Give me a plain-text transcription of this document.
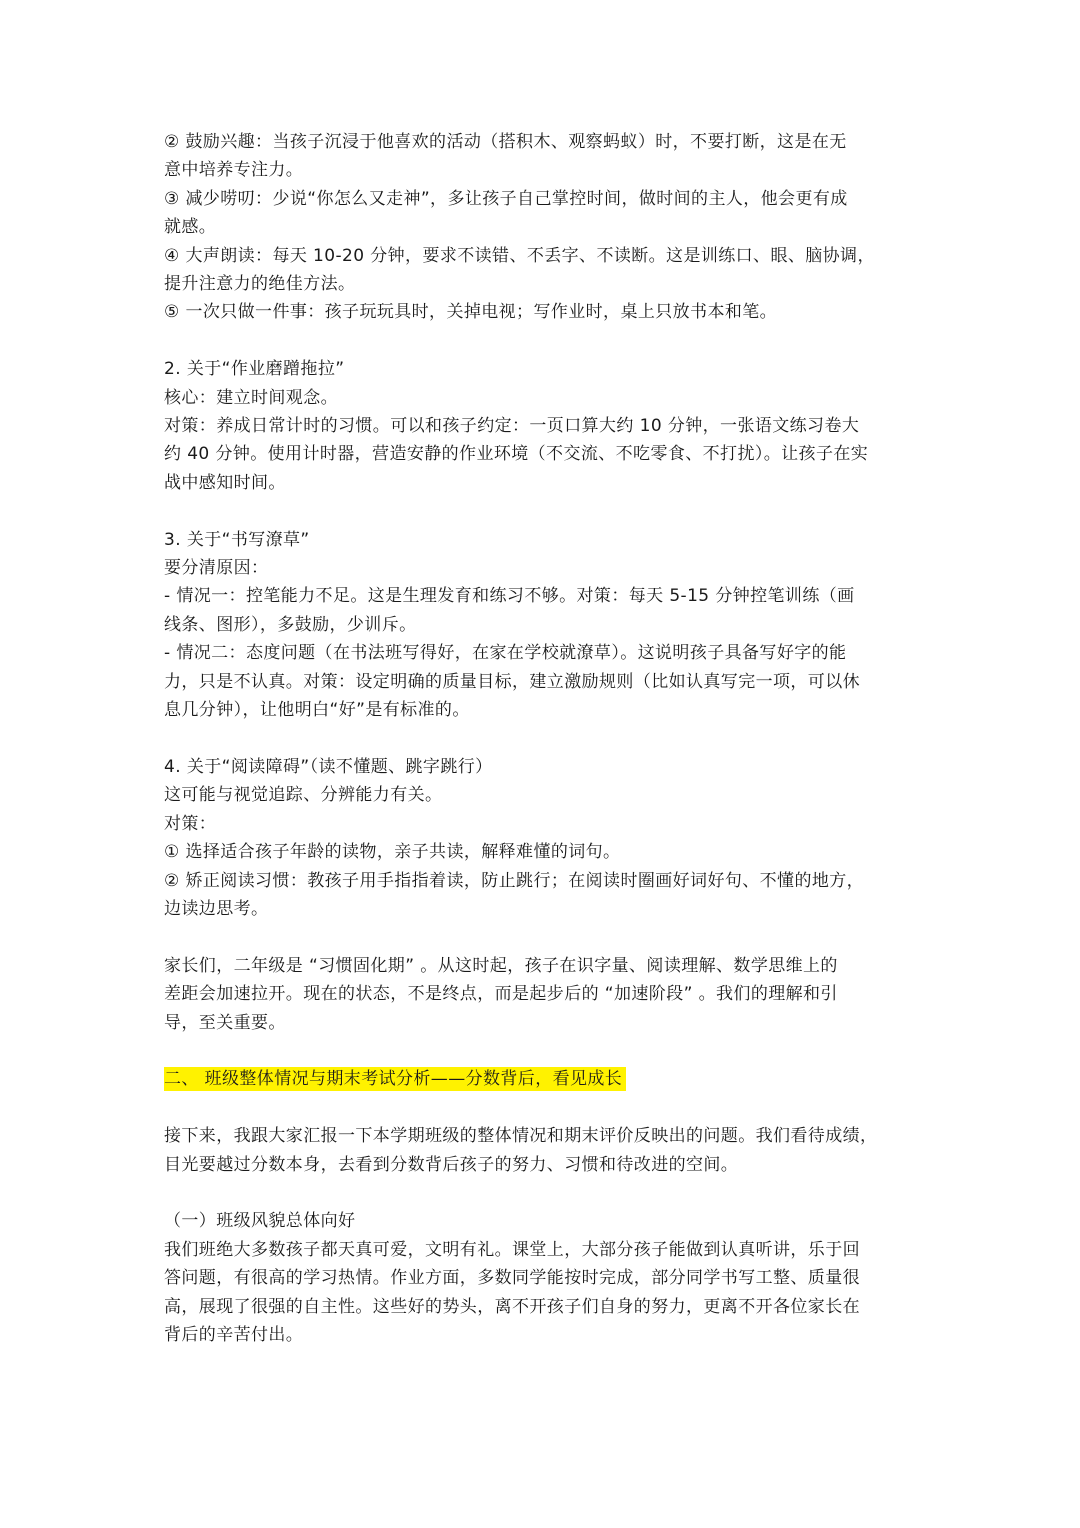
② 鼓励兴趣：当孩子沉浸于他喜欢的活动（搭积木、观察蚂蚁）时，不要打断，这是在无

意中培养专注力。

③ 减少唠叨：少说“你怎么又走神”，多让孩子自己掌控时间，做时间的主人，他会更有成

就感。

④ 大声朗读：每天 10-20 分钟，要求不读错、不丢字、不读断。这是训练口、眼、脑协调，

提升注意力的绝佳方法。

⑤ 一次只做一件事：孩子玩玩具时，关掉电视；写作业时，桌上只放书本和笔。

2. 关于“作业磨蹭拖拉”

核心：建立时间观念。

对策：养成日常计时的习惯。可以和孩子约定：一页口算大约 10 分钟，一张语文练习卷大

约 40 分钟。使用计时器，营造安静的作业环境（不交流、不吃零食、不打扰）。让孩子在实

战中感知时间。

3. 关于“书写潦草”

要分清原因：

- 情况一：控笔能力不足。这是生理发育和练习不够。对策：每天 5-15 分钟控笔训练（画

线条、图形），多鼓励，少训斥。

- 情况二：态度问题（在书法班写得好，在家在学校就潦草）。这说明孩子具备写好字的能

力，只是不认真。对策：设定明确的质量目标，建立激励规则（比如认真写完一项，可以休

息几分钟），让他明白“好”是有标准的。

4. 关于“阅读障碍”（读不懂题、跳字跳行）

这可能与视觉追踪、分辨能力有关。

对策：

① 选择适合孩子年龄的读物，亲子共读，解释难懂的词句。

② 矫正阅读习惯：教孩子用手指指着读，防止跳行；在阅读时圈画好词好句、不懂的地方，

边读边思考。

家长们，二年级是 “习惯固化期” 。从这时起，孩子在识字量、阅读理解、数学思维上的

差距会加速拉开。现在的状态，不是终点，而是起步后的 “加速阶段” 。我们的理解和引

导，至关重要。

二、 班级整体情况与期末考试分析——分数背后，看见成长

接下来，我跟大家汇报一下本学期班级的整体情况和期末评价反映出的问题。我们看待成绩，

目光要越过分数本身，去看到分数背后孩子的努力、习惯和待改进的空间。

（一）班级风貌总体向好

我们班绝大多数孩子都天真可爱，文明有礼。课堂上，大部分孩子能做到认真听讲，乐于回

答问题，有很高的学习热情。作业方面，多数同学能按时完成，部分同学书写工整、质量很

高，展现了很强的自主性。这些好的势头，离不开孩子们自身的努力，更离不开各位家长在

背后的辛苦付出。
